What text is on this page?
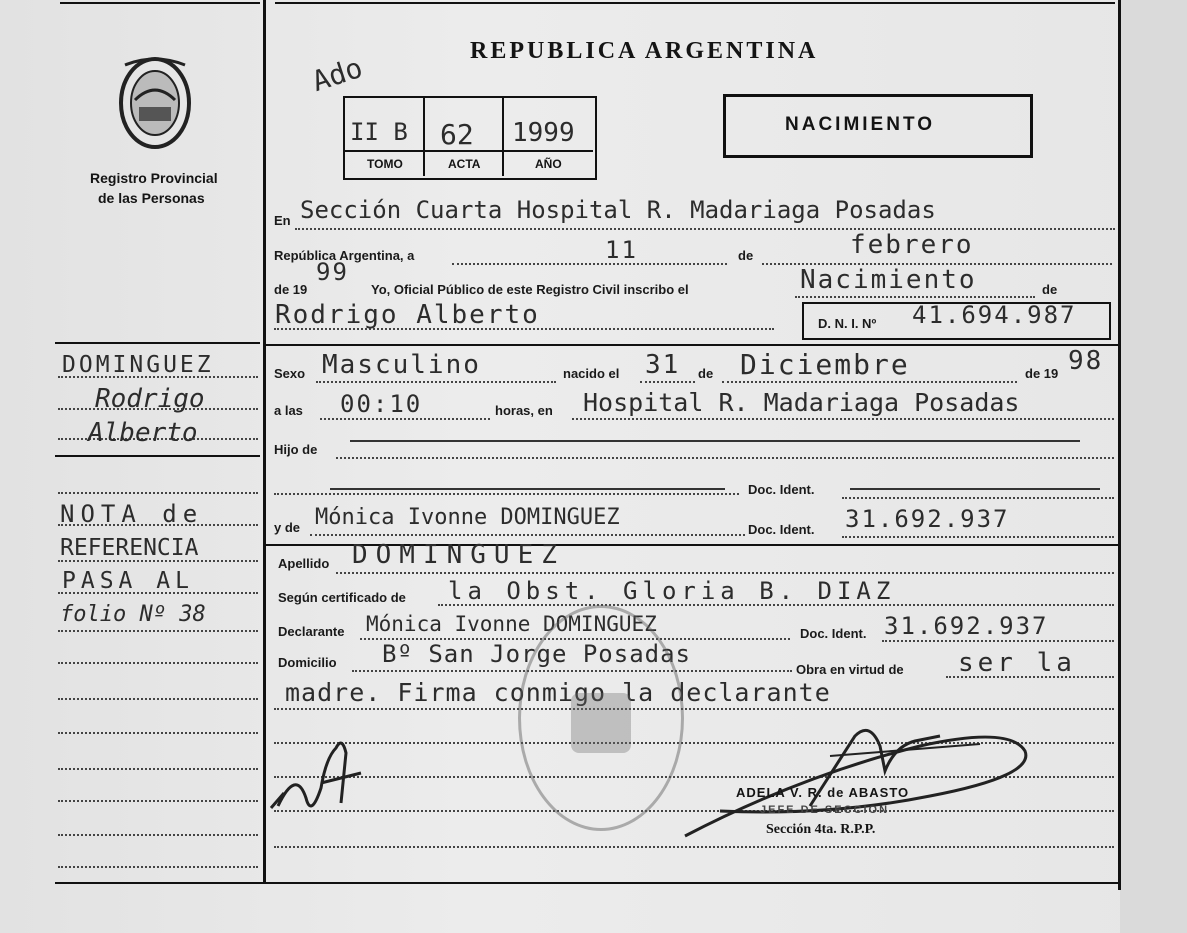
Registro Provincial
de las Personas
DOMINGUEZ
Rodrigo
Alberto
NOTA de
REFERENCIA
PASA AL
folio Nº 38
REPUBLICA ARGENTINA
Ado
II B 62 1999
TOMO	ACTA	AÑO
NACIMIENTO
En Sección Cuarta Hospital R. Madariaga Posadas
República Argentina, a	11	de	febrero
de 19
99
Yo, Oficial Público de este Registro Civil inscribo el	Nacimiento	de
Rodrigo Alberto	D. N. I. Nº 41.694.987
Sexo Masculino	nacido el 31 de Diciembre	de 19 98
a las 00:10	horas, en Hospital R. Madariaga Posadas
Hijo de
Doc. Ident.
y de Mónica Ivonne DOMINGUEZ	Doc. Ident. 31.692.937
Apellido DOMINGUEZ
Según certificado de la Obst. Gloria B. DIAZ
Declarante Mónica Ivonne DOMINGUEZ	Doc. Ident. 31.692.937
Domicilio Bº San Jorge Posadas
Obra en virtud de ser la
madre. Firma conmigo la declarante
ADELA V. R. de ABASTO
JEFE DE SECCION
Sección 4ta. R.P.P.
